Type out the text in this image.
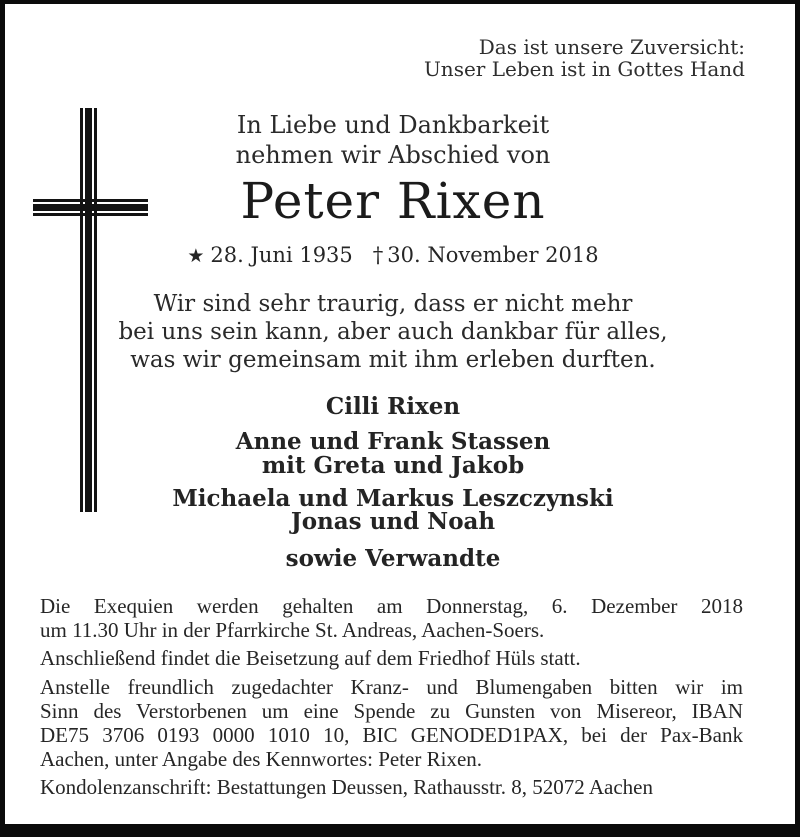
Das ist unsere Zuversicht:
Unser Leben ist in Gottes Hand
In Liebe und Dankbarkeit
nehmen wir Abschied von
Peter Rixen
★ 28. Juni 1935 † 30. November 2018
Wir sind sehr traurig, dass er nicht mehr
bei uns sein kann, aber auch dankbar für alles,
was wir gemeinsam mit ihm erleben durften.
Cilli Rixen
Anne und Frank Stassen
mit Greta und Jakob
Michaela und Markus Leszczynski
Jonas und Noah
sowie Verwandte
Die Exequien werden gehalten am Donnerstag, 6. Dezember 2018
um 11.30 Uhr in der Pfarrkirche St. Andreas, Aachen-Soers.
Anschließend findet die Beisetzung auf dem Friedhof Hüls statt.
Anstelle freundlich zugedachter Kranz- und Blumengaben bitten wir im
Sinn des Verstorbenen um eine Spende zu Gunsten von Misereor, IBAN
DE75 3706 0193 0000 1010 10, BIC GENODED1PAX, bei der Pax-Bank
Aachen, unter Angabe des Kennwortes: Peter Rixen.
Kondolenzanschrift: Bestattungen Deussen, Rathausstr. 8, 52072 Aachen
